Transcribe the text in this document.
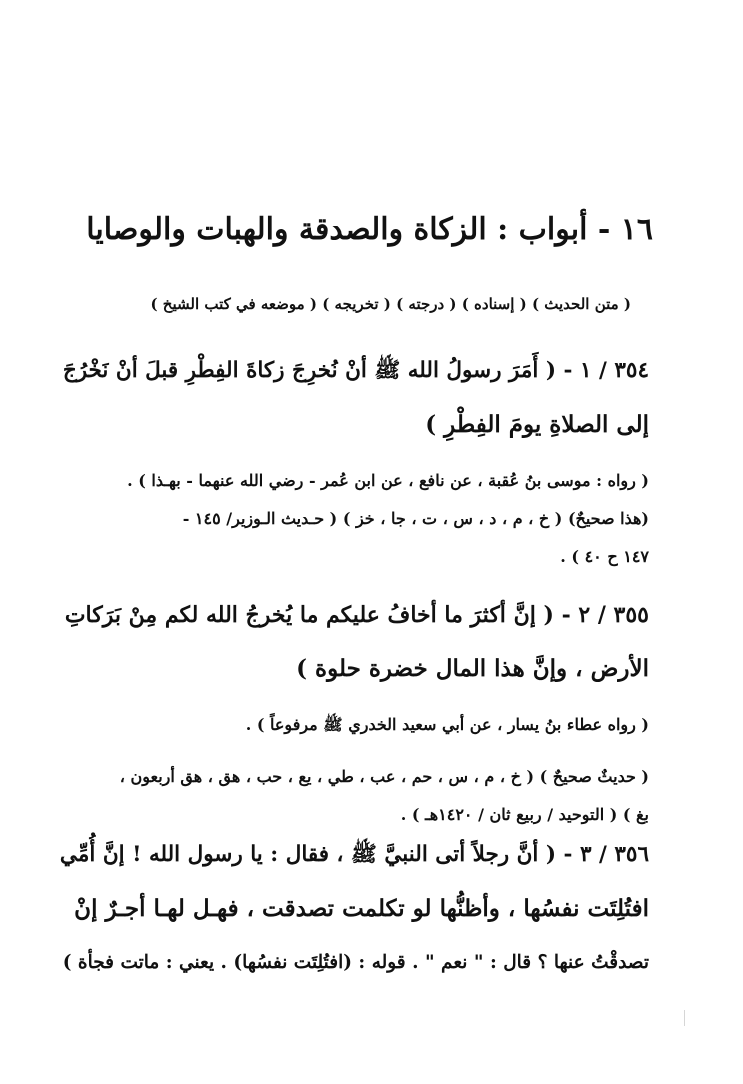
١٦ - أبواب : الزكاة والصدقة والهبات والوصايا
( متن الحديث ) ( إسناده ) ( درجته ) ( تخريجه ) ( موضعه في كتب الشيخ )
٣٥٤ / ١ - ( أَمَرَ رسولُ الله ﷺ أنْ نُخرِجَ زكاةَ الفِطْرِ قبلَ أنْ نَخْرُجَ
إلى الصلاةِ يومَ الفِطْرِ )
( رواه : موسى بنُ عُقبة ، عن نافع ، عن ابن عُمر - رضي الله عنهما - بهـذا ) .
(هذا صحيحٌ) ( خ ، م ، د ، س ، ت ، جا ، خز ) ( حـديث الـوزير/ ١٤٥ -
١٤٧ ح ٤٠ ) .
٣٥٥ / ٢ - ( إنَّ أكثرَ ما أخافُ عليكم ما يُخرجُ الله لكم مِنْ بَرَكاتِ
الأرض ، وإنَّ هذا المال خضرة حلوة )
( رواه عطاء بنُ يسار ، عن أبي سعيد الخدري ﷺ مرفوعاً ) .
( حديثٌ صحيحٌ ) ( خ ، م ، س ، حم ، عب ، طي ، يع ، حب ، هق ، هق أربعون ،
بغ ) ( التوحيد / ربيع ثان / ١٤٢٠هـ ) .
٣٥٦ / ٣ - ( أنَّ رجلاً أتى النبيَّ ﷺ ، فقال : يا رسول الله ! إنَّ أُمِّي
افتُلِتَت نفسُها ، وأظنُّها لو تكلمت تصدقت ، فهـل لهـا أجـرٌ إنْ
تصدقْتُ عنها ؟ قال : " نعم " . قوله : (افتُلِتَت نفسُها) . يعني : ماتت فجأة )
